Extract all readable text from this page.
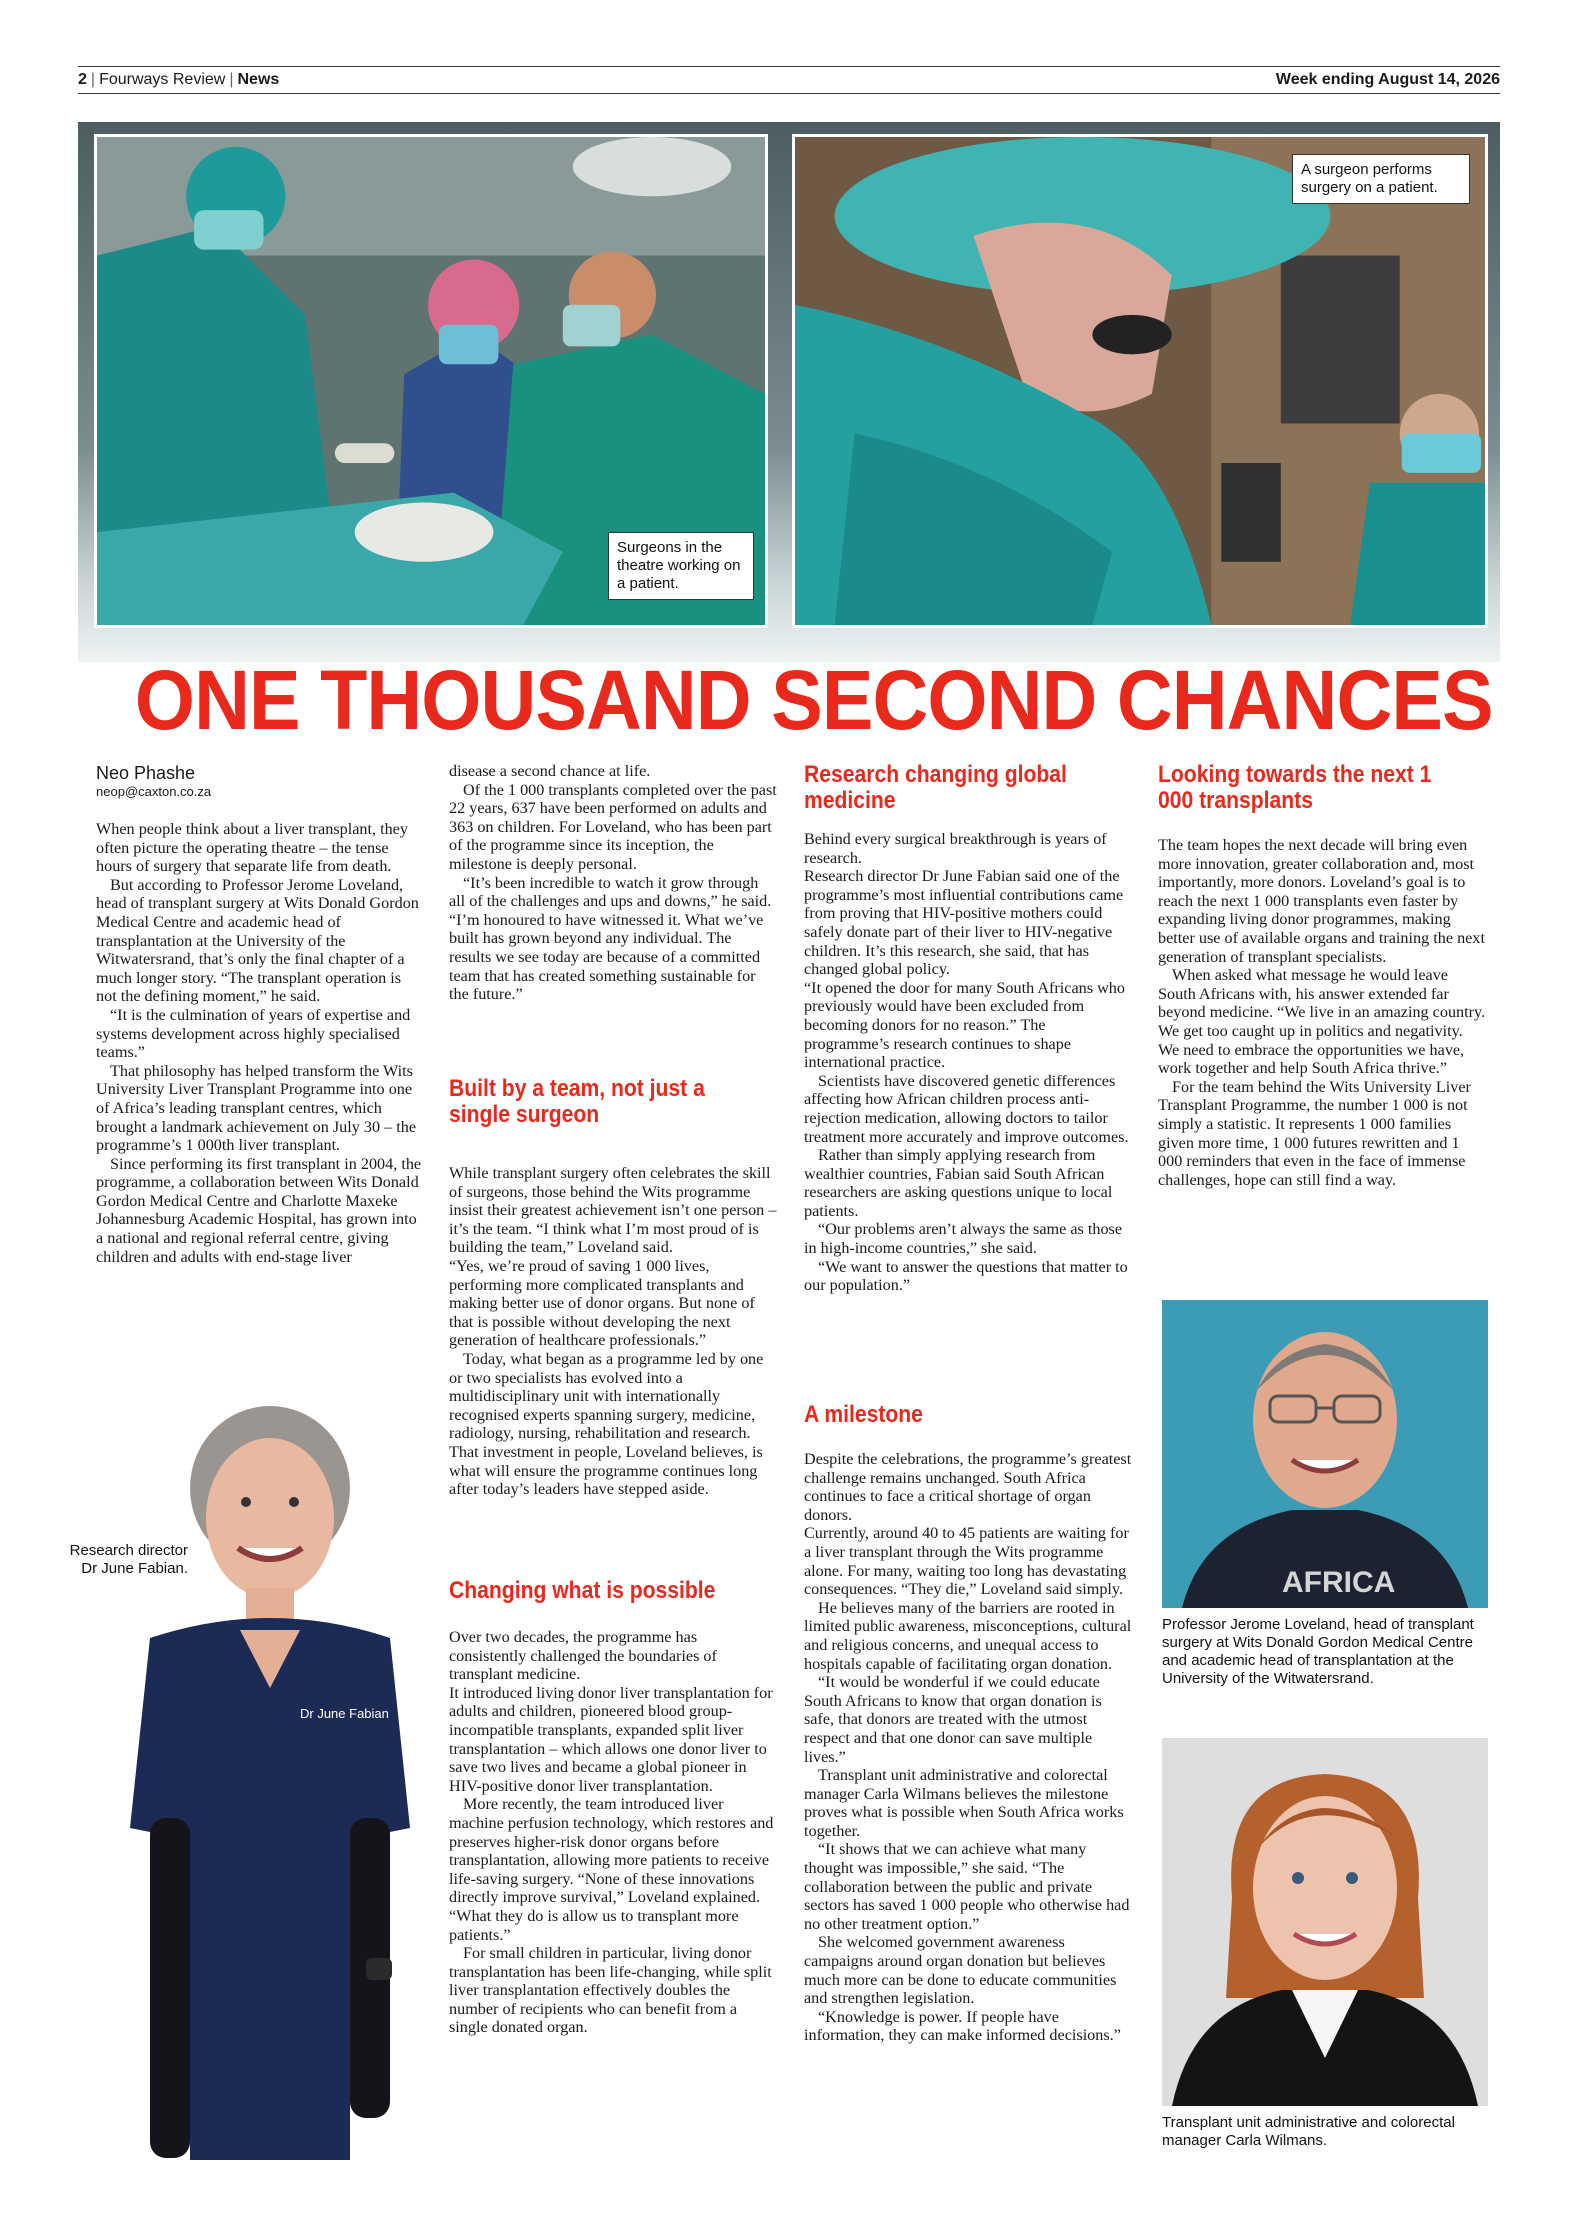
2 | Fourways Review | News	Week ending August 14, 2026
Surgeons in the theatre working on a patient.
A surgeon performs surgery on a patient.
ONE THOUSAND SECOND CHANCES
Neo Phashe
neop@caxton.co.za

When people think about a liver transplant, they often picture the operating theatre – the tense hours of surgery that separate life from death.

But according to Professor Jerome Loveland, head of transplant surgery at Wits Donald Gordon Medical Centre and academic head of transplantation at the University of the Witwatersrand, that’s only the final chapter of a much longer story. “The transplant operation is not the defining moment,” he said.

“It is the culmination of years of expertise and systems development across highly specialised teams.”

That philosophy has helped transform the Wits University Liver Transplant Programme into one of Africa’s leading transplant centres, which brought a landmark achievement on July 30 – the programme’s 1 000th liver transplant.

Since performing its first transplant in 2004, the programme, a collaboration between Wits Donald Gordon Medical Centre and Charlotte Maxeke Johannesburg Academic Hospital, has grown into a national and regional referral centre, giving children and adults with end-stage liver

Dr June Fabian
Research director Dr June Fabian.

disease a second chance at life.

Of the 1 000 transplants completed over the past 22 years, 637 have been performed on adults and 363 on children. For Loveland, who has been part of the programme since its inception, the milestone is deeply personal.

“It’s been incredible to watch it grow through all of the challenges and ups and downs,” he said. “I’m honoured to have witnessed it. What we’ve built has grown beyond any individual. The results we see today are because of a committed team that has created something sustainable for the future.”

Built by a team, not just a single surgeon

While transplant surgery often celebrates the skill of surgeons, those behind the Wits programme insist their greatest achievement isn’t one person – it’s the team. “I think what I’m most proud of is building the team,” Loveland said.

“Yes, we’re proud of saving 1 000 lives, performing more complicated transplants and making better use of donor organs. But none of that is possible without developing the next generation of healthcare professionals.”

Today, what began as a programme led by one or two specialists has evolved into a multidisciplinary unit with internationally recognised experts spanning surgery, medicine, radiology, nursing, rehabilitation and research. That investment in people, Loveland believes, is what will ensure the programme continues long after today’s leaders have stepped aside.

Changing what is possible

Over two decades, the programme has consistently challenged the boundaries of transplant medicine.

It introduced living donor liver transplantation for adults and children, pioneered blood group-incompatible transplants, expanded split liver transplantation – which allows one donor liver to save two lives and became a global pioneer in HIV-positive donor liver transplantation.

More recently, the team introduced liver machine perfusion technology, which restores and preserves higher-risk donor organs before transplantation, allowing more patients to receive life-saving surgery. “None of these innovations directly improve survival,” Loveland explained. “What they do is allow us to transplant more patients.”

For small children in particular, living donor transplantation has been life-changing, while split liver transplantation effectively doubles the number of recipients who can benefit from a single donated organ.

Research changing global medicine

Behind every surgical breakthrough is years of research.

Research director Dr June Fabian said one of the programme’s most influential contributions came from proving that HIV-positive mothers could safely donate part of their liver to HIV-negative children. It’s this research, she said, that has changed global policy.

“It opened the door for many South Africans who previously would have been excluded from becoming donors for no reason.” The programme’s research continues to shape international practice.

Scientists have discovered genetic differences affecting how African children process anti-rejection medication, allowing doctors to tailor treatment more accurately and improve outcomes.

Rather than simply applying research from wealthier countries, Fabian said South African researchers are asking questions unique to local patients.

“Our problems aren’t always the same as those in high-income countries,” she said.

“We want to answer the questions that matter to our population.”

A milestone

Despite the celebrations, the programme’s greatest challenge remains unchanged. South Africa continues to face a critical shortage of organ donors.

Currently, around 40 to 45 patients are waiting for a liver transplant through the Wits programme alone. For many, waiting too long has devastating consequences. “They die,” Loveland said simply.

He believes many of the barriers are rooted in limited public awareness, misconceptions, cultural and religious concerns, and unequal access to hospitals capable of facilitating organ donation.

“It would be wonderful if we could educate South Africans to know that organ donation is safe, that donors are treated with the utmost respect and that one donor can save multiple lives.”

Transplant unit administrative and colorectal manager Carla Wilmans believes the milestone proves what is possible when South Africa works together.

“It shows that we can achieve what many thought was impossible,” she said. “The collaboration between the public and private sectors has saved 1 000 people who otherwise had no other treatment option.”

She welcomed government awareness campaigns around organ donation but believes much more can be done to educate communities and strengthen legislation.

“Knowledge is power. If people have information, they can make informed decisions.”

Looking towards the next 1 000 transplants

The team hopes the next decade will bring even more innovation, greater collaboration and, most importantly, more donors. Loveland’s goal is to reach the next 1 000 transplants even faster by expanding living donor programmes, making better use of available organs and training the next generation of transplant specialists.

When asked what message he would leave South Africans with, his answer extended far beyond medicine. “We live in an amazing country. We get too caught up in politics and negativity. We need to embrace the opportunities we have, work together and help South Africa thrive.”

For the team behind the Wits University Liver Transplant Programme, the number 1 000 is not simply a statistic. It represents 1 000 families given more time, 1 000 futures rewritten and 1 000 reminders that even in the face of immense challenges, hope can still find a way.

AFRICA
Professor Jerome Loveland, head of transplant surgery at Wits Donald Gordon Medical Centre and academic head of transplantation at the University of the Witwatersrand.
Transplant unit administrative and colorectal manager Carla Wilmans.
